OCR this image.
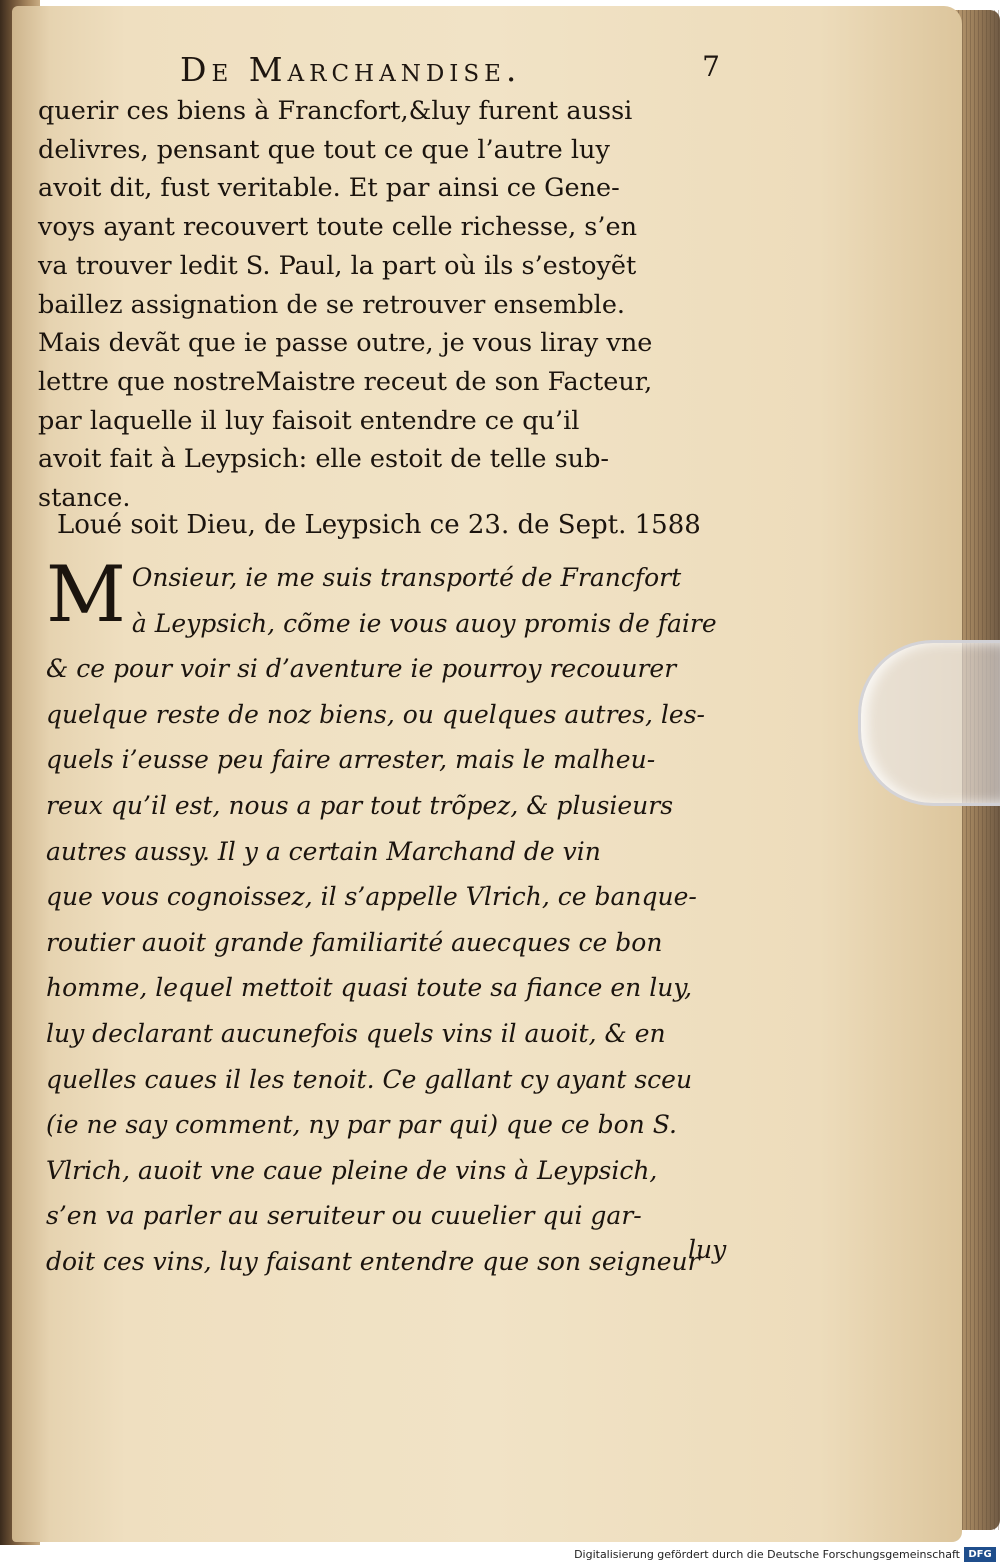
De Marchandise.	7
querir ces biens à Francfort,&luy furent aussi
delivres, pensant que tout ce que l’autre luy
avoit dit, fust veritable. Et par ainsi ce Gene-
voys ayant recouvert toute celle richesse, s’en
va trouver ledit S. Paul, la part où ils s’estoyẽt
baillez assignation de se retrouver ensemble.
Mais devãt que ie passe outre, je vous liray vne
lettre que nostreMaistre receut de son Facteur,
par laquelle il luy faisoit entendre ce qu’il
avoit fait à Leypsich: elle estoit de telle sub-
stance.
Loué soit Dieu, de Leypsich ce 23. de Sept. 1588
M Onsieur, ie me suis transporté de Francfort
à Leypsich, cõme ie vous auoy promis de faire
& ce pour voir si d’aventure ie pourroy recouurer
quelque reste de noz biens, ou quelques autres, les-
quels i’eusse peu faire arrester, mais le malheu-
reux qu’il est, nous a par tout trõpez, & plusieurs
autres aussy. Il y a certain Marchand de vin
que vous cognoissez, il s’appelle Vlrich, ce banque-
routier auoit grande familiarité auecques ce bon
homme, lequel mettoit quasi toute sa fiance en luy,
luy declarant aucunefois quels vins il auoit, & en
quelles caues il les tenoit. Ce gallant cy ayant sceu
(ie ne say comment, ny par par qui) que ce bon S.
Vlrich, auoit vne caue pleine de vins à Leypsich,
s’en va parler au seruiteur ou cuuelier qui gar-
doit ces vins, luy faisant entendre que son seigneur
luy
Digitalisierung gefördert durch die Deutsche Forschungsgemeinschaft DFG
